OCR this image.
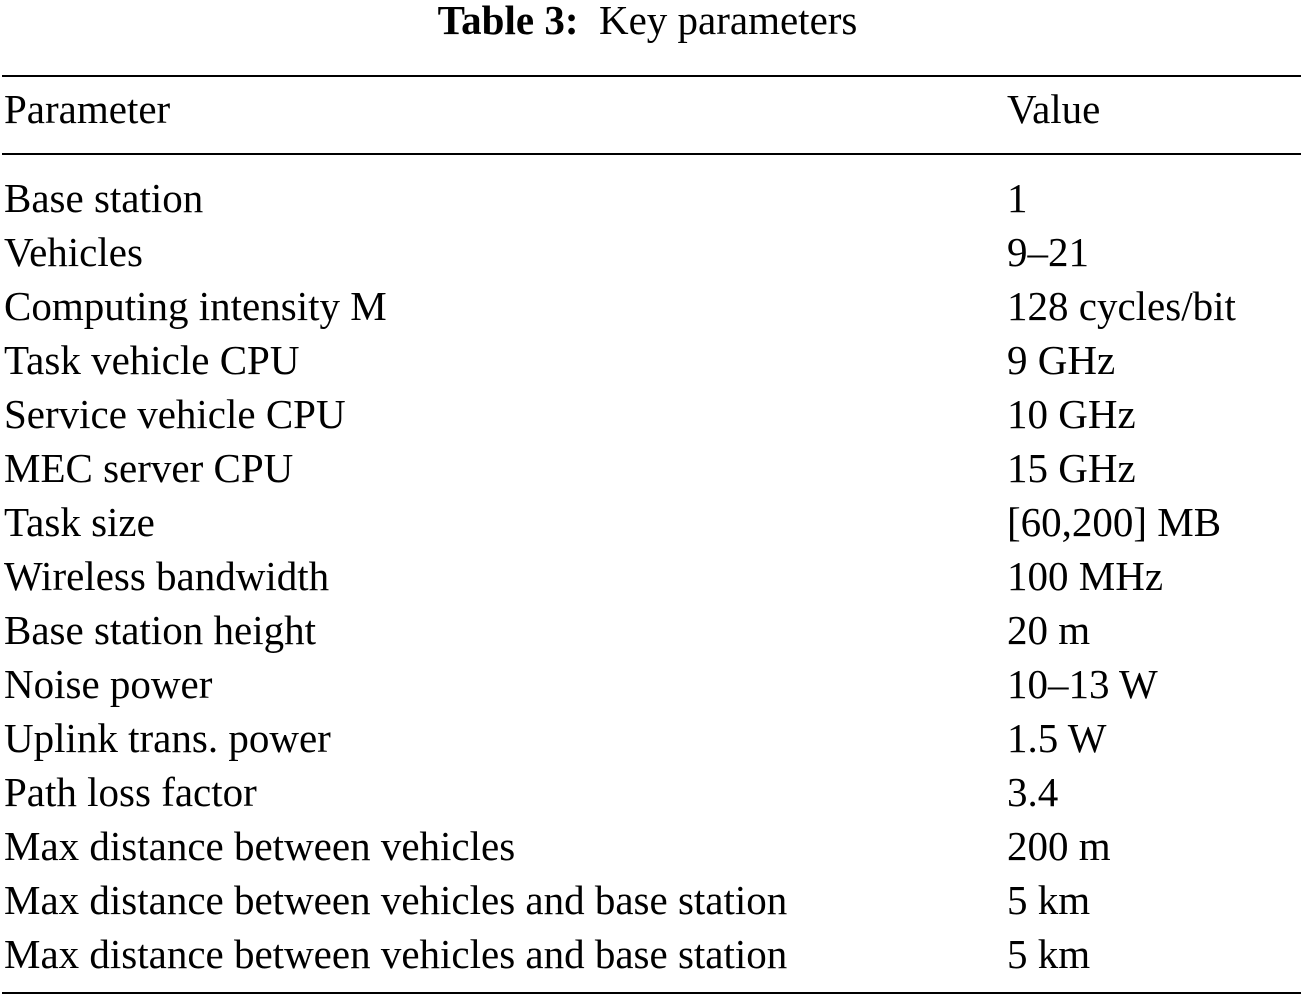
Table 3: Key parameters
Parameter	Value
Base station	1
Vehicles	9–21
Computing intensity M	128 cycles/bit
Task vehicle CPU	9 GHz
Service vehicle CPU	10 GHz
MEC server CPU	15 GHz
Task size	[60,200] MB
Wireless bandwidth	100 MHz
Base station height	20 m
Noise power	10–13 W
Uplink trans. power	1.5 W
Path loss factor	3.4
Max distance between vehicles	200 m
Max distance between vehicles and base station	5 km
Max distance between vehicles and base station	5 km
